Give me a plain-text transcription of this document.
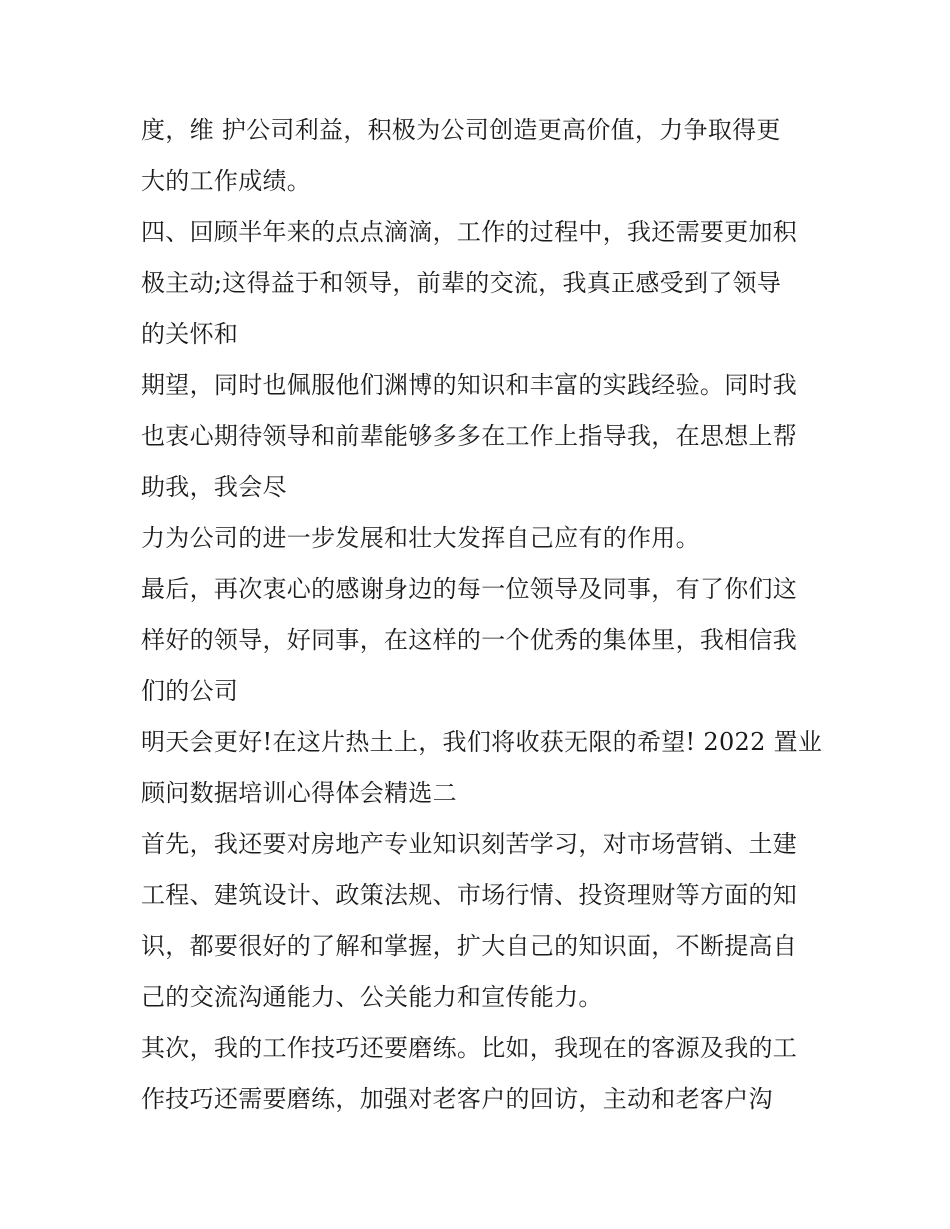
度，维 护公司利益，积极为公司创造更高价值，力争取得更
大的工作成绩。
四、回顾半年来的点点滴滴，工作的过程中，我还需要更加积
极主动;这得益于和领导，前辈的交流，我真正感受到了领导
的关怀和
期望，同时也佩服他们渊博的知识和丰富的实践经验。同时我
也衷心期待领导和前辈能够多多在工作上指导我，在思想上帮
助我，我会尽
力为公司的进一步发展和壮大发挥自己应有的作用。
最后，再次衷心的感谢身边的每一位领导及同事，有了你们这
样好的领导，好同事，在这样的一个优秀的集体里，我相信我
们的公司
明天会更好!在这片热土上，我们将收获无限的希望! 2022 置业
顾问数据培训心得体会精选二
首先，我还要对房地产专业知识刻苦学习，对市场营销、土建
工程、建筑设计、政策法规、市场行情、投资理财等方面的知
识，都要很好的了解和掌握，扩大自己的知识面，不断提高自
己的交流沟通能力、公关能力和宣传能力。
其次，我的工作技巧还要磨练。比如，我现在的客源及我的工
作技巧还需要磨练，加强对老客户的回访，主动和老客户沟
